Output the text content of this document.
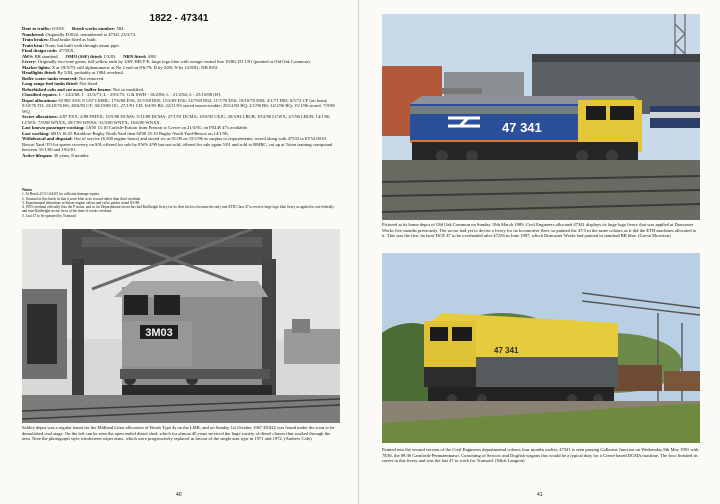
1822 - 47341

Date to traffic: 6/3/65. Brush works number: 584.

Numbered: Originally D1822; renumbered to 47341 23/3/74.

Train brakes: Dual brake fitted as built.

Train heat: None, but built with through steam pipe.

Final design code: 47/3XX.

AWS: BR standard. OMO (SSF) fitted: 1/3/83. NRN fitted: 4/88.

Livery: Originally two-tone green, full yellow ends by 2/69; BR/Y-E; large logo blue with orange central line 10/86; DJ 1/91 (painted at Old Oak Common).

Marker lights: X at 19/5/79, still alphanumeric at No 2 end on 8/6/79; D by 2/80; N by 12/8/81; NH 8/83.

Headlights fitted: By 5/84, probably at 1984 overhaul.

Boiler water tanks removed: Not removed.

Long range fuel tanks fitted: Not fitted.

Refurbished cabs and cut away buffer beams: Not so modified.

Classified repairs: L - 24/2/68; I - 21/3/71; L - 29/3/75; G & SWH - 16/2/80; L - 21/2/84; L - 25/10/88 (IF).

Depot allocations: 63 BD 3/65; 8 1/67 LMML; 17/6/68 D16; 25/1/68 D05; 15/2/69 D16; 12/7/69 D02; 11/7/70 D16; 18/10/70 D03; 4/1/71 D05; 6/5/72 CF (on loan); 9/10/76 TO; 23/10/76 BS; 28/6/83 CF; 30/10/88 OC; 27/1/91 CD; 6/4/93 BS; 22/11/93 stored unserviceable; 29/12/93 BQ; 2/1/96 BS; 14/1/96 BQ; 15/1/96 stored; 7/9/98 WQ.

Sector allocations: 4/87 FXX; 2/88 FMXX; 15/5/88 DCMA; 5/11/88 DCMA; 27/1/91 DCMA; 10/5/92 CEJC; 20/3/94 LBCB; 10/2/96 LCWX; 2/1/96 LBCB; 14/1/96 LCWX; 7/9/98 WNXX; 30/7/99 WNXS; 31/3/00 WNYX; 16/6/00 WNXX.

Last known passenger working: 1A50 13:10 Carlisle-Euston from Preston to Crewe on 21/3/91, on PXLB 47's available.

Last working: 6B15 16:25 Brinklow-Rugby North Yard then 6Z98 25:10 Rugby North Yard-Bescot on 14/1/96.

Withdrawal and disposal: Out of service (6.500 engine hours) and stored u/s at 01:00 on 15/1/96 as surplus to requirements; towed along with 47533 to 6Y54 00:01 Bescot Yard-TO for spares recovery on 9/8; offered for sale by EWS 4/99 but not sold, offered for sale again 5/01 and sold to RMRC, cut up at Toton training compound between 31/1/00 and 19/2/01.

Active lifespan: 30 years, 8 months.

Notes
1. At Brush 21/3-14/4/65 for collision damage repairs.
2. Unusual in this batch in that it wore blue at its second rather than third overhaul.
3. Experimental alterations to Sulzer engine valves and valve guides noted 8/1/80.
4. 1993 overhaul officially lists the P status, and so far Departmental sector has had Railfreight livery for its fleet the loco became the only non-ETH Class 47 to receive large logo blue livery as applied to one federally and non-Railfreight sector locos at the time of works overhaul.
5. Last 47 to be operated by Transrail.
3M03
Saltley depot was a regular haunt for the Midland Lines allocation of Brush Type 4s on the LMR, and on Sunday 1st October 1967 D1822 was found under the soon to be demolished coal stage. On the left can be seen the open ended diesel shed, which for almost 40 years serviced the huge variety of diesel classes that worked through the area. Note the photograph style windscreen wiper arms, which were progressively replaced in favour of the single arm type in 1971 and 1972. (Andrew Cole)
40
47 341
Pictured at its home depot of Old Oak Common on Sunday 19th March 1989, Civil Engineers allocated 47341 displays its large logo livery that was applied at Doncaster Works five months previously. The sector had yet to devise a livery for its locomotive fleet, so painted the 47/3 in the same colours as it did the ETH machines allocated to it. This was the first 'no heat' DCE 47 to be overhauled after 47256 in June 1987, which Doncaster Works had painted in standard BR blue. (Gavin Morrison)
47 341
Painted into the second version of the Civil Engineers departmental colours four months earlier, 47341 is seen passing Golborne Junction on Wednesday 8th May 1991 with 7E36, the 09:36 Carnforth-Penmaenmawr. Consisting of Seacow and Dogfish wagons this would be a typical duty for a Crewe based DCMA machine. The loco finished its career in this livery and was the last 47 to work for Transrail. (Mick Langton)
41
